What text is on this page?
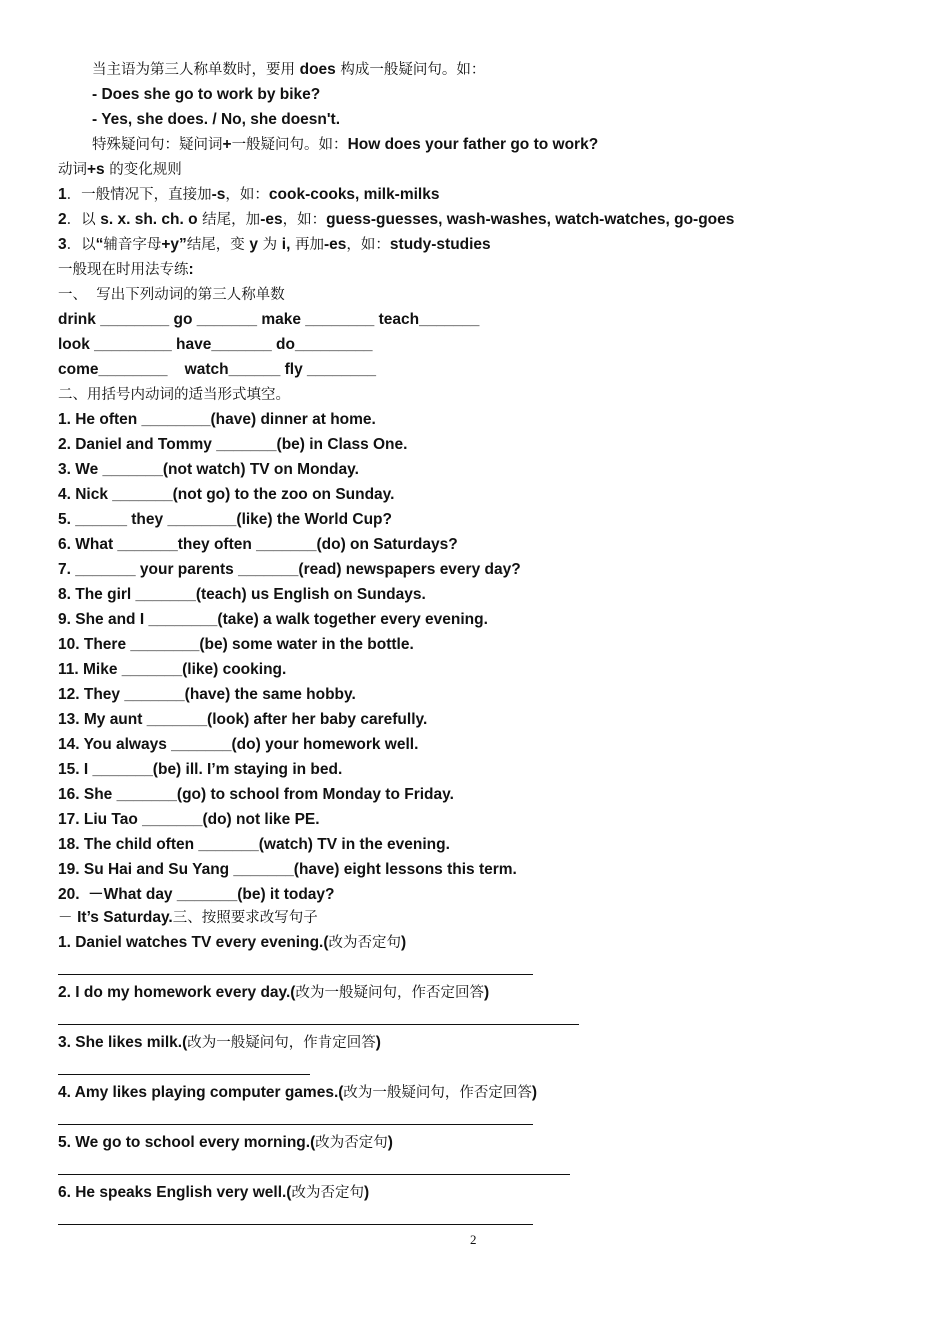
当主语为第三人称单数时，要用 does 构成一般疑问句。如：
- Does she go to work by bike?
- Yes, she does. / No, she doesn't.
特殊疑问句：疑问词+一般疑问句。如：How does your father go to work?
动词+s 的变化规则
1．一般情况下，直接加-s，如：cook-cooks, milk-milks
2．以 s. x. sh. ch. o 结尾，加-es，如：guess-guesses, wash-washes, watch-watches, go-goes
3．以“辅音字母+y”结尾，变 y 为 i, 再加-es，如：study-studies
一般现在时用法专练:
一、  写出下列动词的第三人称单数
drink ________ go _______ make ________ teach_______
look _________ have_______ do_________
come________    watch______ fly ________
二、用括号内动词的适当形式填空。
1. He often ________(have) dinner at home.
2. Daniel and Tommy _______(be) in Class One.
3. We _______(not watch) TV on Monday.
4. Nick _______(not go) to the zoo on Sunday.
5. ______ they ________(like) the World Cup?
6. What _______they often _______(do) on Saturdays?
7. _______ your parents _______(read) newspapers every day?
8. The girl _______(teach) us English on Sundays.
9. She and I ________(take) a walk together every evening.
10. There ________(be) some water in the bottle.
11. Mike _______(like) cooking.
12. They _______(have) the same hobby.
13. My aunt _______(look) after her baby carefully.
14. You always _______(do) your homework well.
15. I _______(be) ill. I’m staying in bed.
16. She _______(go) to school from Monday to Friday.
17. Liu Tao _______(do) not like PE.
18. The child often _______(watch) TV in the evening.
19. Su Hai and Su Yang _______(have) eight lessons this term.
20.  －What day _______(be) it today?
－ It’s Saturday.三、按照要求改写句子
1. Daniel watches TV every evening.(改为否定句)
2. I do my homework every day.(改为一般疑问句，作否定回答)
3. She likes milk.(改为一般疑问句，作肯定回答)
4. Amy likes playing computer games.(改为一般疑问句，作否定回答)
5. We go to school every morning.(改为否定句)
6. He speaks English very well.(改为否定句)
2
